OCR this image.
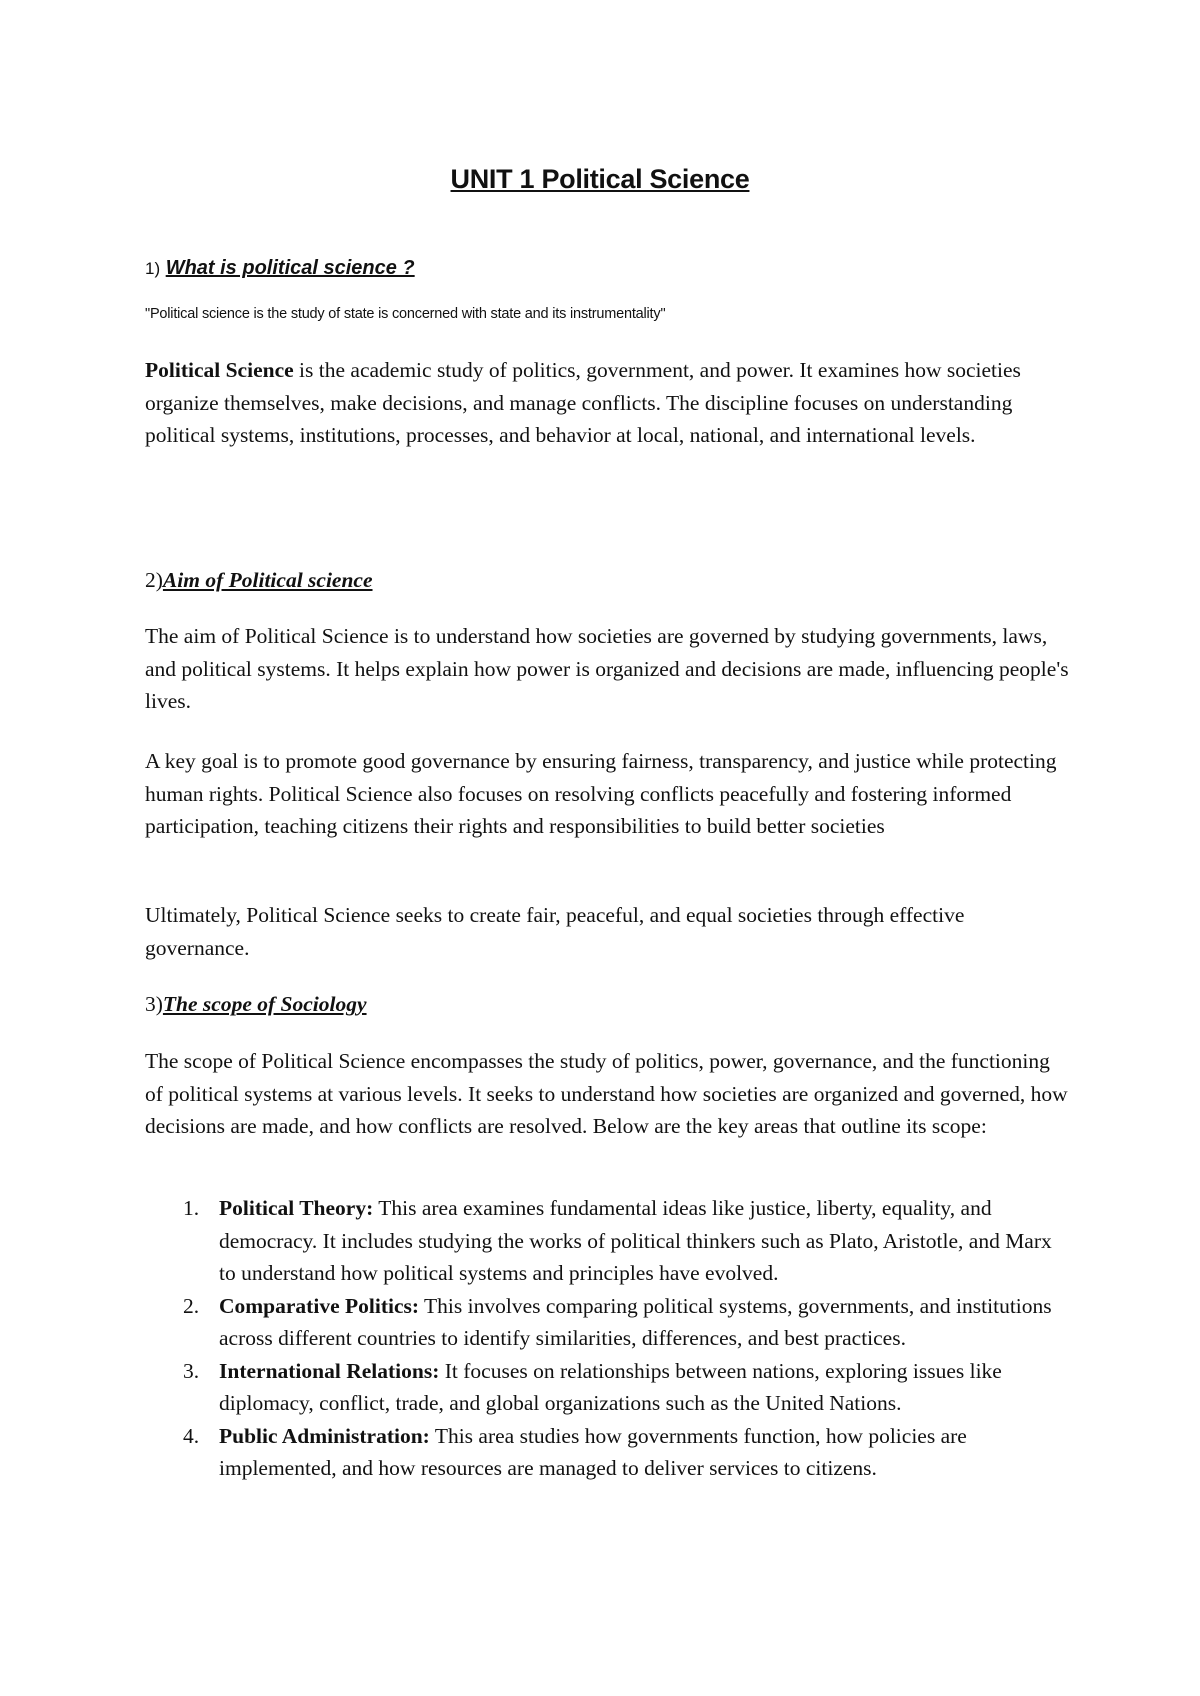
UNIT 1 Political Science
1) What is political science ?
"Political science is the study of state is concerned with state and its instrumentality"

Political Science is the academic study of politics, government, and power. It examines how societies organize themselves, make decisions, and manage conflicts. The discipline focuses on understanding political systems, institutions, processes, and behavior at local, national, and international levels.

2)Aim of Political science

The aim of Political Science is to understand how societies are governed by studying governments, laws, and political systems. It helps explain how power is organized and decisions are made, influencing people's lives.

A key goal is to promote good governance by ensuring fairness, transparency, and justice while protecting human rights. Political Science also focuses on resolving conflicts peacefully and fostering informed participation, teaching citizens their rights and responsibilities to build better societies

Ultimately, Political Science seeks to create fair, peaceful, and equal societies through effective governance.

3)The scope of Sociology

The scope of Political Science encompasses the study of politics, power, governance, and the functioning of political systems at various levels. It seeks to understand how societies are organized and governed, how decisions are made, and how conflicts are resolved. Below are the key areas that outline its scope:

1. Political Theory: This area examines fundamental ideas like justice, liberty, equality, and democracy. It includes studying the works of political thinkers such as Plato, Aristotle, and Marx to understand how political systems and principles have evolved.
2. Comparative Politics: This involves comparing political systems, governments, and institutions across different countries to identify similarities, differences, and best practices.
3. International Relations: It focuses on relationships between nations, exploring issues like diplomacy, conflict, trade, and global organizations such as the United Nations.
4. Public Administration: This area studies how governments function, how policies are implemented, and how resources are managed to deliver services to citizens.
